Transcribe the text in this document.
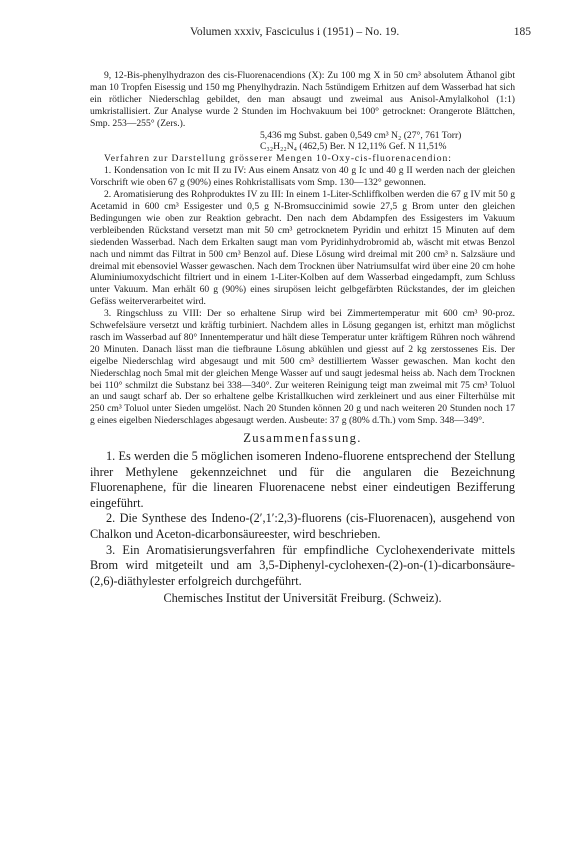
Volumen xxxiv, Fasciculus i (1951) – No. 19.	185

9, 12-Bis-phenylhydrazon des cis-Fluorenacendions (X): Zu 100 mg X in 50 cm³ absolutem Äthanol gibt man 10 Tropfen Eisessig und 150 mg Phenylhydrazin. Nach 5stündigem Erhitzen auf dem Wasserbad hat sich ein rötlicher Niederschlag gebildet, den man absaugt und zweimal aus Anisol-Amylalkohol (1:1) umkristallisiert. Zur Analyse wurde 2 Stunden im Hochvakuum bei 100° getrocknet: Orangerote Blättchen, Smp. 253—255° (Zers.).

5,436 mg Subst. gaben 0,549 cm³ N₂ (27°, 761 Torr)

C₃₂H₂₂N₄ (462,5) Ber. N 12,11% Gef. N 11,51%

Verfahren zur Darstellung grösserer Mengen 10-Oxy-cis-fluorenacendion:

1. Kondensation von Ic mit II zu IV: Aus einem Ansatz von 40 g Ic und 40 g II werden nach der gleichen Vorschrift wie oben 67 g (90%) eines Rohkristallisats vom Smp. 130—132° gewonnen.

2. Aromatisierung des Rohproduktes IV zu III: In einem 1-Liter-Schliffkolben werden die 67 g IV mit 50 g Acetamid in 600 cm³ Essigester und 0,5 g N-Bromsuccinimid sowie 27,5 g Brom unter den gleichen Bedingungen wie oben zur Reaktion gebracht. Den nach dem Abdampfen des Essigesters im Vakuum verbleibenden Rückstand versetzt man mit 50 cm³ getrocknetem Pyridin und erhitzt 15 Minuten auf dem siedenden Wasserbad. Nach dem Erkalten saugt man vom Pyridinhydrobromid ab, wäscht mit etwas Benzol nach und nimmt das Filtrat in 500 cm³ Benzol auf. Diese Lösung wird dreimal mit 200 cm³ n. Salzsäure und dreimal mit ebensoviel Wasser gewaschen. Nach dem Trocknen über Natriumsulfat wird über eine 20 cm hohe Aluminiumoxydschicht filtriert und in einem 1-Liter-Kolben auf dem Wasserbad eingedampft, zum Schluss unter Vakuum. Man erhält 60 g (90%) eines sirupösen leicht gelbgefärbten Rückstandes, der im gleichen Gefäss weiterverarbeitet wird.

3. Ringschluss zu VIII: Der so erhaltene Sirup wird bei Zimmertemperatur mit 600 cm³ 90-proz. Schwefelsäure versetzt und kräftig turbiniert. Nachdem alles in Lösung gegangen ist, erhitzt man möglichst rasch im Wasserbad auf 80° Innentemperatur und hält diese Temperatur unter kräftigem Rühren noch während 20 Minuten. Danach lässt man die tiefbraune Lösung abkühlen und giesst auf 2 kg zerstossenes Eis. Der eigelbe Niederschlag wird abgesaugt und mit 500 cm³ destilliertem Wasser gewaschen. Man kocht den Niederschlag noch 5mal mit der gleichen Menge Wasser auf und saugt jedesmal heiss ab. Nach dem Trocknen bei 110° schmilzt die Substanz bei 338—340°. Zur weiteren Reinigung teigt man zweimal mit 75 cm³ Toluol an und saugt scharf ab. Der so erhaltene gelbe Kristallkuchen wird zerkleinert und aus einer Filterhülse mit 250 cm³ Toluol unter Sieden umgelöst. Nach 20 Stunden können 20 g und nach weiteren 20 Stunden noch 17 g eines eigelben Niederschlages abgesaugt werden. Ausbeute: 37 g (80% d.Th.) vom Smp. 348—349°.

Zusammenfassung.

1. Es werden die 5 möglichen isomeren Indeno-fluorene entsprechend der Stellung ihrer Methylene gekennzeichnet und für die angularen die Bezeichnung Fluorenaphene, für die linearen Fluorenacene nebst einer eindeutigen Bezifferung eingeführt.

2. Die Synthese des Indeno-(2′,1′:2,3)-fluorens (cis-Fluorenacen), ausgehend von Chalkon und Aceton-dicarbonsäureester, wird beschrieben.

3. Ein Aromatisierungsverfahren für empfindliche Cyclohexenderivate mittels Brom wird mitgeteilt und am 3,5-Diphenyl-cyclohexen-(2)-on-(1)-dicarbonsäure-(2,6)-diäthylester erfolgreich durchgeführt.

Chemisches Institut der Universität Freiburg. (Schweiz).
